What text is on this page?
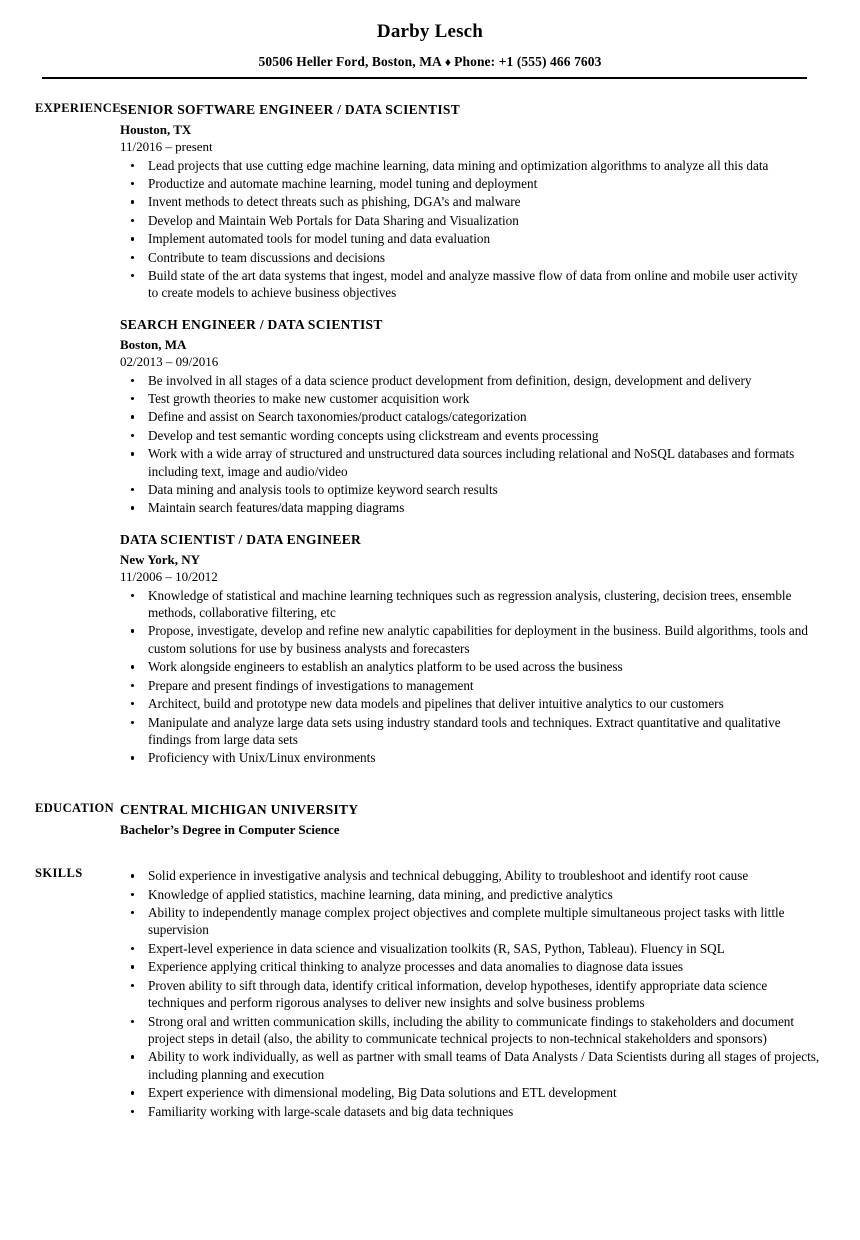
Darby Lesch
50506 Heller Ford, Boston, MA ♦ Phone: +1 (555) 466 7603
EXPERIENCE SENIOR SOFTWARE ENGINEER / DATA SCIENTIST
Houston, TX
11/2016 – present
Lead projects that use cutting edge machine learning, data mining and optimization algorithms to analyze all this data
Productize and automate machine learning, model tuning and deployment
Invent methods to detect threats such as phishing, DGA’s and malware
Develop and Maintain Web Portals for Data Sharing and Visualization
Implement automated tools for model tuning and data evaluation
Contribute to team discussions and decisions
Build state of the art data systems that ingest, model and analyze massive flow of data from online and mobile user activity to create models to achieve business objectives
SEARCH ENGINEER / DATA SCIENTIST
Boston, MA
02/2013 – 09/2016
Be involved in all stages of a data science product development from definition, design, development and delivery
Test growth theories to make new customer acquisition work
Define and assist on Search taxonomies/product catalogs/categorization
Develop and test semantic wording concepts using clickstream and events processing
Work with a wide array of structured and unstructured data sources including relational and NoSQL databases and formats including text, image and audio/video
Data mining and analysis tools to optimize keyword search results
Maintain search features/data mapping diagrams
DATA SCIENTIST / DATA ENGINEER
New York, NY
11/2006 – 10/2012
Knowledge of statistical and machine learning techniques such as regression analysis, clustering, decision trees, ensemble methods, collaborative filtering, etc
Propose, investigate, develop and refine new analytic capabilities for deployment in the business. Build algorithms, tools and custom solutions for use by business analysts and forecasters
Work alongside engineers to establish an analytics platform to be used across the business
Prepare and present findings of investigations to management
Architect, build and prototype new data models and pipelines that deliver intuitive analytics to our customers
Manipulate and analyze large data sets using industry standard tools and techniques. Extract quantitative and qualitative findings from large data sets
Proficiency with Unix/Linux environments
EDUCATION CENTRAL MICHIGAN UNIVERSITY
Bachelor’s Degree in Computer Science
SKILLS	Solid experience in investigative analysis and technical debugging, Ability to troubleshoot and identify root cause
Knowledge of applied statistics, machine learning, data mining, and predictive analytics
Ability to independently manage complex project objectives and complete multiple simultaneous project tasks with little supervision
Expert-level experience in data science and visualization toolkits (R, SAS, Python, Tableau). Fluency in SQL
Experience applying critical thinking to analyze processes and data anomalies to diagnose data issues
Proven ability to sift through data, identify critical information, develop hypotheses, identify appropriate data science techniques and perform rigorous analyses to deliver new insights and solve business problems
Strong oral and written communication skills, including the ability to communicate findings to stakeholders and document project steps in detail (also, the ability to communicate technical projects to non-technical stakeholders and sponsors)
Ability to work individually, as well as partner with small teams of Data Analysts / Data Scientists during all stages of projects, including planning and execution
Expert experience with dimensional modeling, Big Data solutions and ETL development
Familiarity working with large-scale datasets and big data techniques
